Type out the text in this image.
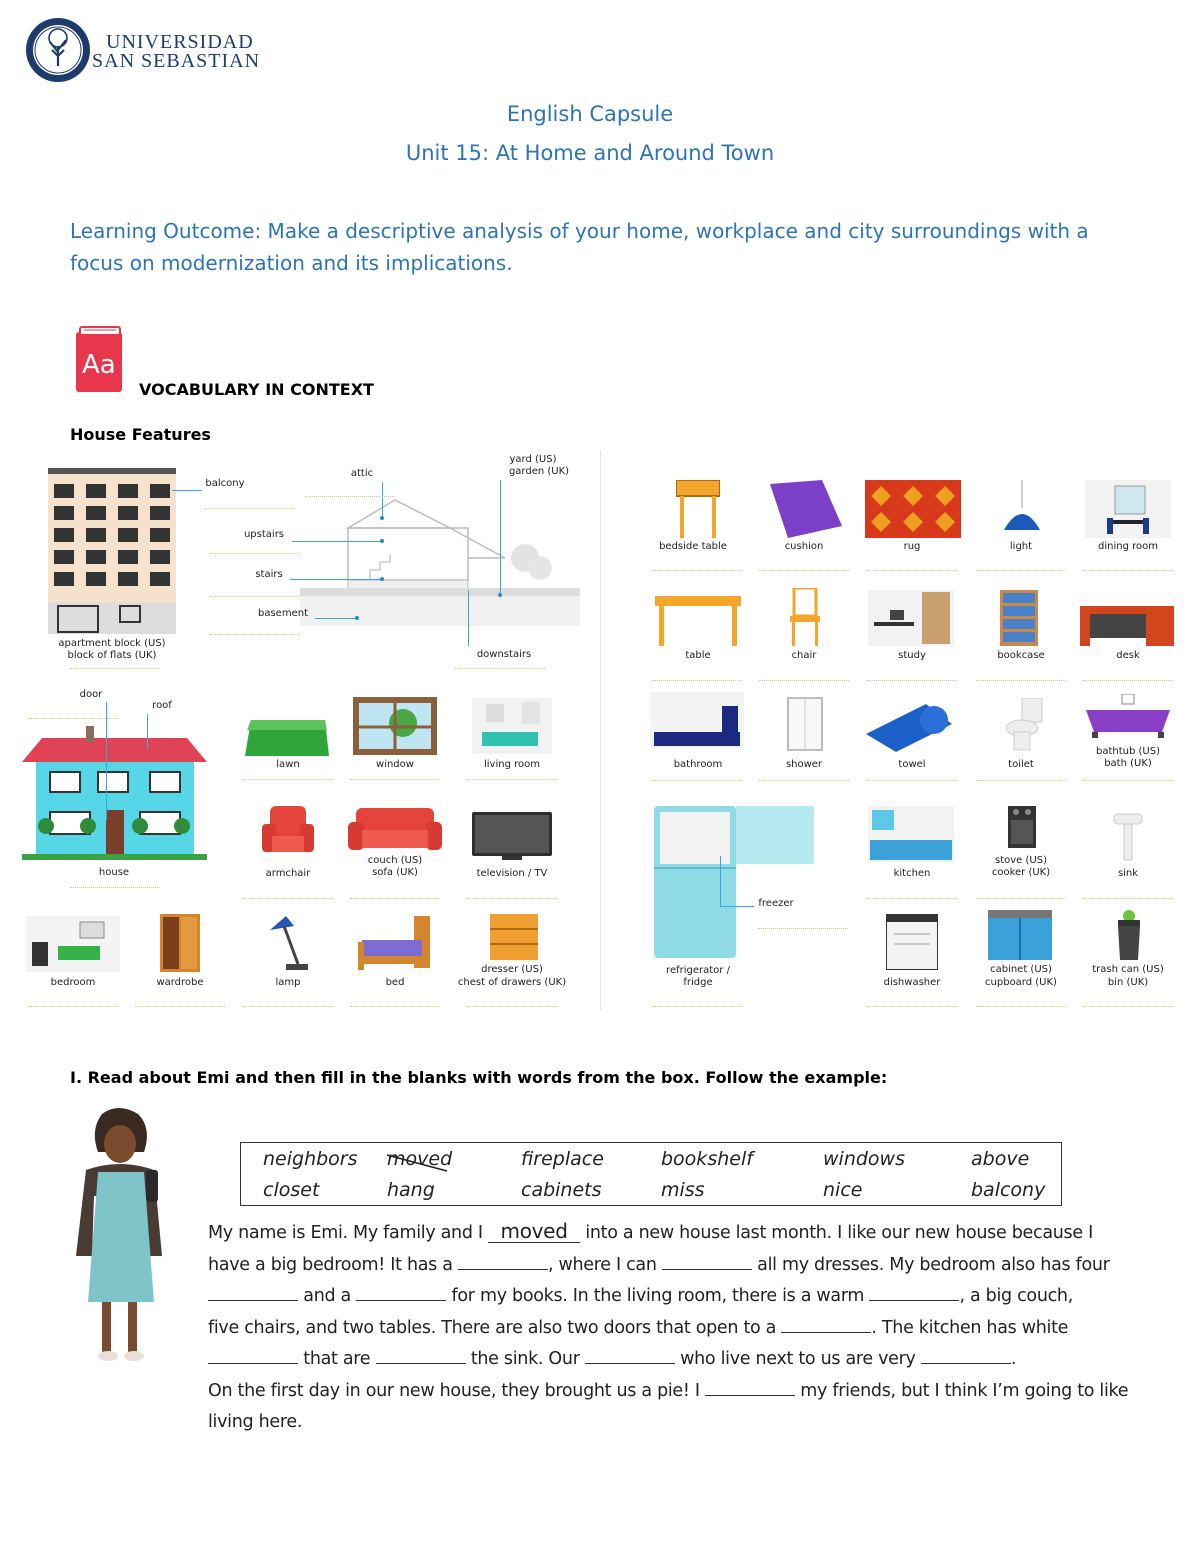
UNIVERSIDAD
SAN SEBASTIAN
English Capsule
Unit 15: At Home and Around Town
Learning Outcome: Make a descriptive analysis of your home, workplace and city surroundings with a
focus on modernization and its implications.
Aa
VOCABULARY IN CONTEXT
House Features
balcony
apartment block (US)
block of flats (UK)
attic
upstairs
stairs
basement
yard (US)
garden (UK)
downstairs
door
roof
house
lawn	window	living room
armchair
couch (US)
sofa (UK)	television / TV
bedroom	wardrobe	lamp	bed
dresser (US)
chest of drawers (UK)
bedside table	cushion	rug	light	dining room
table	chair	study	bookcase	desk
bathroom	shower	towel	toilet
bathtub (US)
bath (UK)
freezer
refrigerator /
fridge
kitchen
stove (US)
cooker (UK)	sink
dishwasher
cabinet (US)
cupboard (UK)
trash can (US)
bin (UK)
I. Read about Emi and then fill in the blanks with words from the box. Follow the example:
neighbors moved	fireplace	bookshelf	windows	above
closet	hang	cabinets	miss	nice	balcony
My name is Emi. My family and I moved into a new house last month. I like our new house because I
have a big bedroom! It has a	, where I can	all my dresses. My bedroom also has four
and a	for my books. In the living room, there is a warm	, a big couch,
five chairs, and two tables. There are also two doors that open to a	. The kitchen has white
that are	the sink. Our	who live next to us are very	.
On the first day in our new house, they brought us a pie! I	my friends, but I think I’m going to like
living here.
